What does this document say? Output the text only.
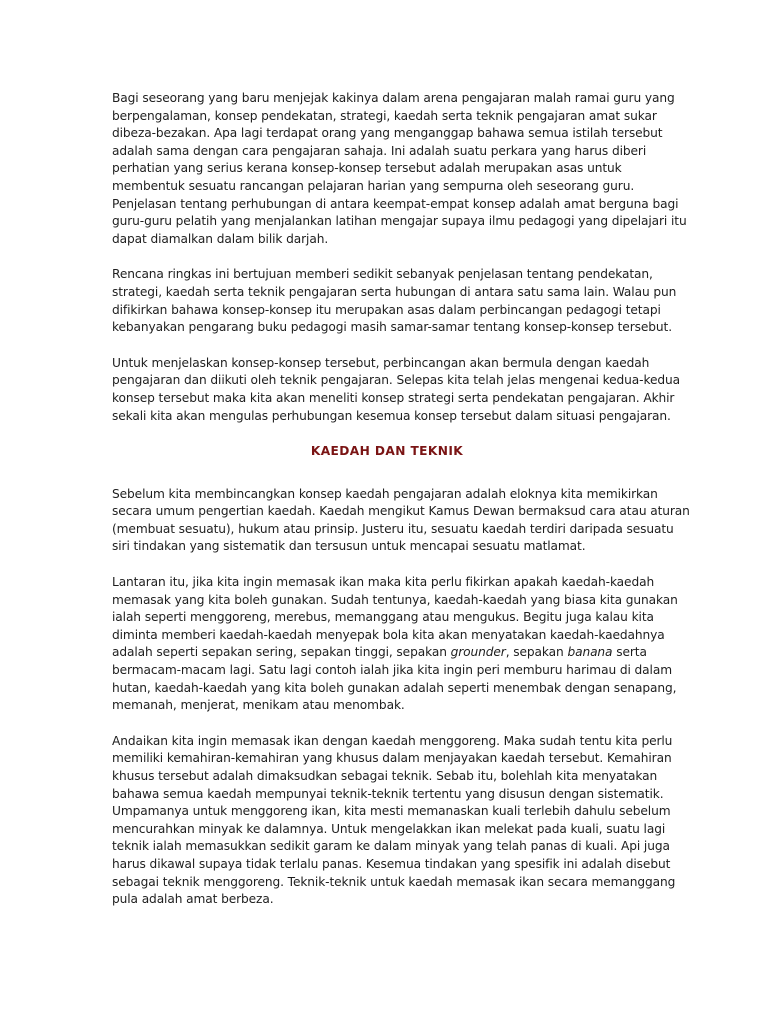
Bagi seseorang yang baru menjejak kakinya dalam arena pengajaran malah ramai guru yang
berpengalaman, konsep pendekatan, strategi, kaedah serta teknik pengajaran amat sukar
dibeza-bezakan. Apa lagi terdapat orang yang menganggap bahawa semua istilah tersebut
adalah sama dengan cara pengajaran sahaja. Ini adalah suatu perkara yang harus diberi
perhatian yang serius kerana konsep-konsep tersebut adalah merupakan asas untuk
membentuk sesuatu rancangan pelajaran harian yang sempurna oleh seseorang guru.
Penjelasan tentang perhubungan di antara keempat-empat konsep adalah amat berguna bagi
guru-guru pelatih yang menjalankan latihan mengajar supaya ilmu pedagogi yang dipelajari itu
dapat diamalkan dalam bilik darjah.

Rencana ringkas ini bertujuan memberi sedikit sebanyak penjelasan tentang pendekatan,
strategi, kaedah serta teknik pengajaran serta hubungan di antara satu sama lain. Walau pun
difikirkan bahawa konsep-konsep itu merupakan asas dalam perbincangan pedagogi tetapi
kebanyakan pengarang buku pedagogi masih samar-samar tentang konsep-konsep tersebut.

Untuk menjelaskan konsep-konsep tersebut, perbincangan akan bermula dengan kaedah
pengajaran dan diikuti oleh teknik pengajaran. Selepas kita telah jelas mengenai kedua-kedua
konsep tersebut maka kita akan meneliti konsep strategi serta pendekatan pengajaran. Akhir
sekali kita akan mengulas perhubungan kesemua konsep tersebut dalam situasi pengajaran.

KAEDAH DAN TEKNIK

Sebelum kita membincangkan konsep kaedah pengajaran adalah eloknya kita memikirkan
secara umum pengertian kaedah. Kaedah mengikut Kamus Dewan bermaksud cara atau aturan
(membuat sesuatu), hukum atau prinsip. Justeru itu, sesuatu kaedah terdiri daripada sesuatu
siri tindakan yang sistematik dan tersusun untuk mencapai sesuatu matlamat.

Lantaran itu, jika kita ingin memasak ikan maka kita perlu fikirkan apakah kaedah-kaedah
memasak yang kita boleh gunakan. Sudah tentunya, kaedah-kaedah yang biasa kita gunakan
ialah seperti menggoreng, merebus, memanggang atau mengukus. Begitu juga kalau kita
diminta memberi kaedah-kaedah menyepak bola kita akan menyatakan kaedah-kaedahnya
adalah seperti sepakan sering, sepakan tinggi, sepakan grounder, sepakan banana serta
bermacam-macam lagi. Satu lagi contoh ialah jika kita ingin peri memburu harimau di dalam
hutan, kaedah-kaedah yang kita boleh gunakan adalah seperti menembak dengan senapang,
memanah, menjerat, menikam atau menombak.

Andaikan kita ingin memasak ikan dengan kaedah menggoreng. Maka sudah tentu kita perlu
memiliki kemahiran-kemahiran yang khusus dalam menjayakan kaedah tersebut. Kemahiran
khusus tersebut adalah dimaksudkan sebagai teknik. Sebab itu, bolehlah kita menyatakan
bahawa semua kaedah mempunyai teknik-teknik tertentu yang disusun dengan sistematik.
Umpamanya untuk menggoreng ikan, kita mesti memanaskan kuali terlebih dahulu sebelum
mencurahkan minyak ke dalamnya. Untuk mengelakkan ikan melekat pada kuali, suatu lagi
teknik ialah memasukkan sedikit garam ke dalam minyak yang telah panas di kuali. Api juga
harus dikawal supaya tidak terlalu panas. Kesemua tindakan yang spesifik ini adalah disebut
sebagai teknik menggoreng. Teknik-teknik untuk kaedah memasak ikan secara memanggang
pula adalah amat berbeza.
